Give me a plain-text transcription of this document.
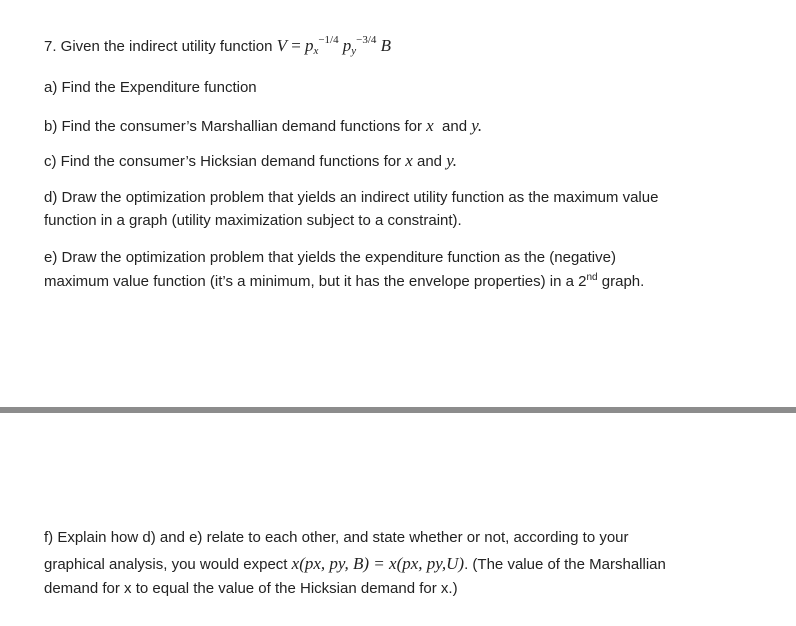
7. Given the indirect utility function $V = p_x^{-1/4}$ $p_y^{-3/4}$ B
a) Find the Expenditure function
b) Find the consumer’s Marshallian demand functions for x and y.
c) Find the consumer’s Hicksian demand functions for x and y.
d) Draw the optimization problem that yields an indirect utility function as the maximum value
function in a graph (utility maximization subject to a constraint).
e) Draw the optimization problem that yields the expenditure function as the (negative)
maximum value function (it’s a minimum, but it has the envelope properties) in a 2nd graph.
f) Explain how d) and e) relate to each other, and state whether or not, according to your
graphical analysis, you would expect x(px, py, B) = x(px, py,U). (The value of the Marshallian
demand for x to equal the value of the Hicksian demand for x.)
